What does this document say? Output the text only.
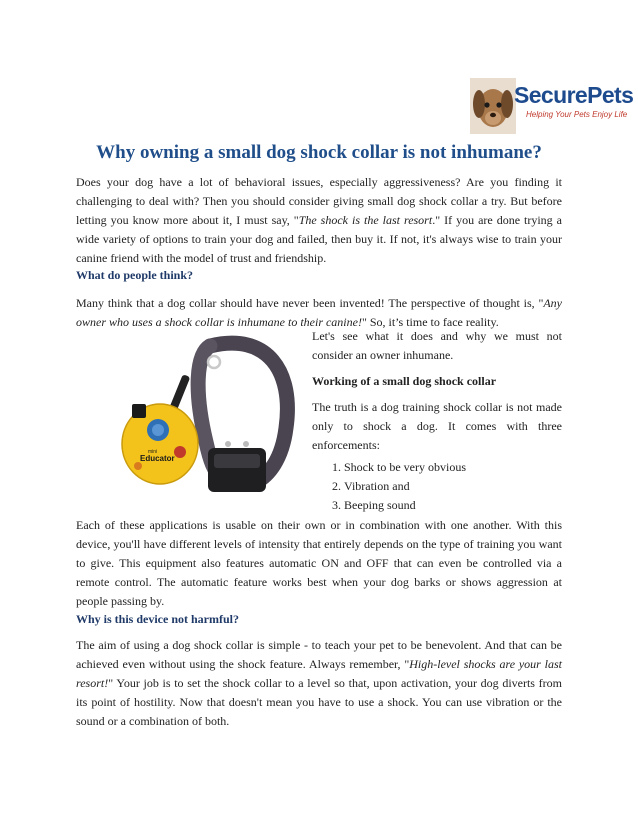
SecurePets
Helping Your Pets Enjoy Life
Why owning a small dog shock collar is not inhumane?

Does your dog have a lot of behavioral issues, especially aggressiveness? Are you finding it challenging to deal with? Then you should consider giving small dog shock collar a try. But before letting you know more about it, I must say, "The shock is the last resort." If you are done trying a wide variety of options to train your dog and failed, then buy it. If not, it's always wise to train your canine friend with the model of trust and friendship.

What do people think?

Many think that a dog collar should have never been invented! The perspective of thought is, "Any owner who uses a shock collar is inhumane to their canine!" So, it’s time to face reality.

Let's see what it does and why we must not consider an owner inhumane.

mini
Educator

Working of a small dog shock collar

The truth is a dog training shock collar is not made only to shock a dog. It comes with three enforcements:

1. Shock to be very obvious
2. Vibration and
3. Beeping sound

Each of these applications is usable on their own or in combination with one another. With this device, you'll have different levels of intensity that entirely depends on the type of training you want to give. This equipment also features automatic ON and OFF that can even be controlled via a remote control. The automatic feature works best when your dog barks or shows aggression at people passing by.

Why is this device not harmful?

The aim of using a dog shock collar is simple - to teach your pet to be benevolent. And that can be achieved even without using the shock feature. Always remember, "High-level shocks are your last resort!" Your job is to set the shock collar to a level so that, upon activation, your dog diverts from its point of hostility. Now that doesn't mean you have to use a shock. You can use vibration or the sound or a combination of both.
